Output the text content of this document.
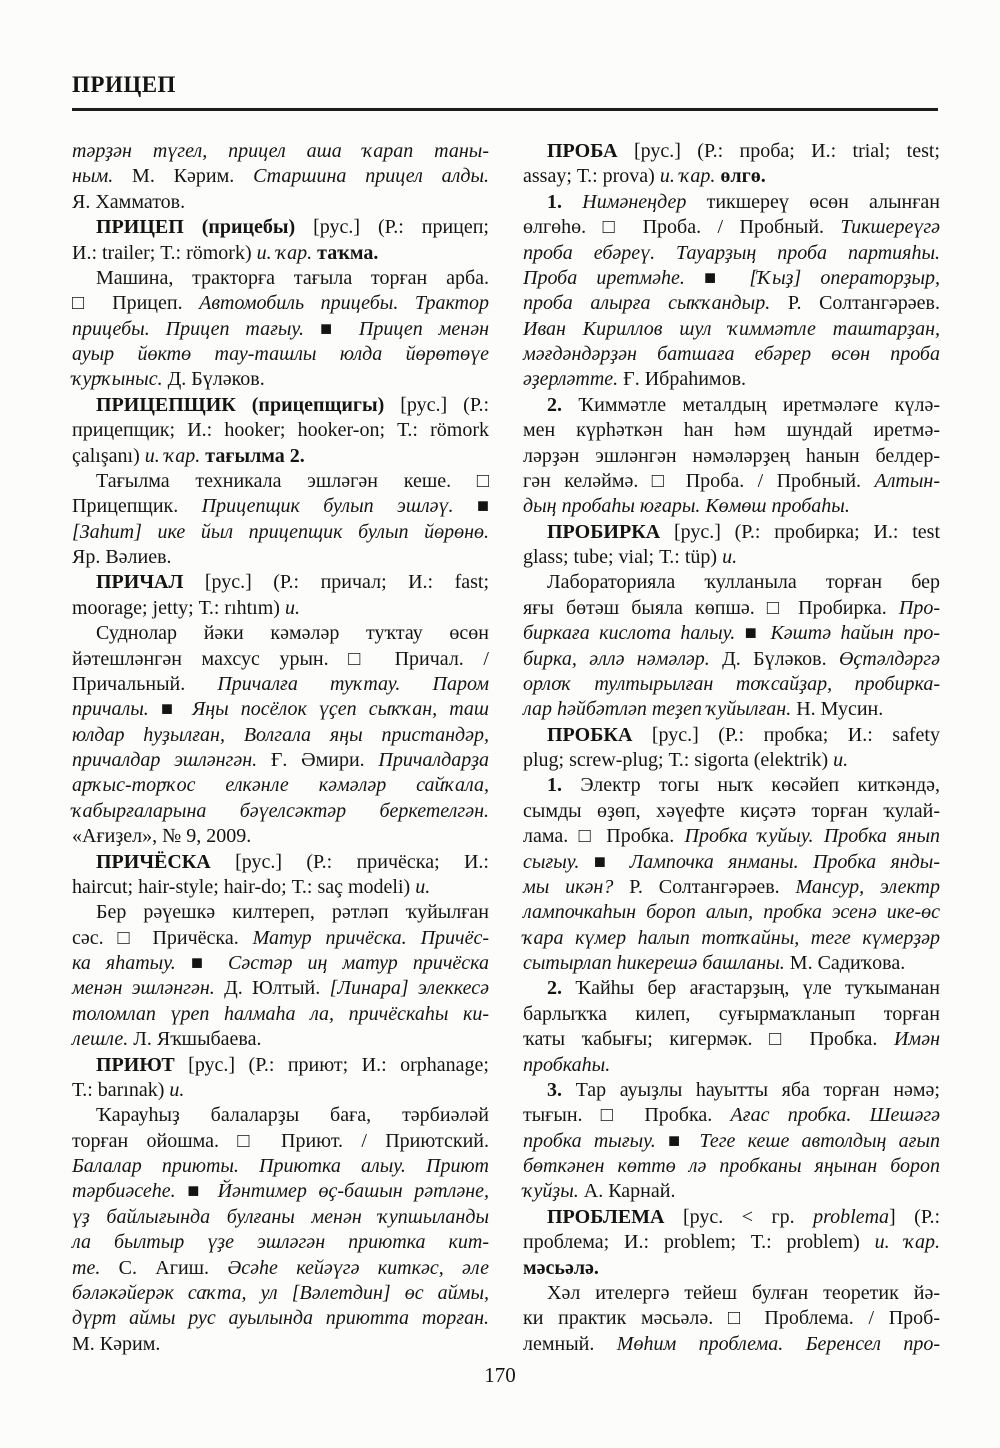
ПРИЦЕП
тәрҙән түгел, прицел аша ҡарап таны-
ным. М. Кәрим. Старшина прицел алды.
Я. Хамматов.
ПРИЦЕП (прицебы) [рус.] (Р.: прицеп;
И.: trailer; Т.: römork) и. ҡар. таҡма.
Машина, тракторға тағыла торған арба.
□ Прицеп. Автомобиль прицебы. Трактор
прицебы. Прицеп тағыу. ■ Прицеп менән
ауыр йөктө тау-ташлы юлда йөрөтөүе
ҡурҡыныс. Д. Бүләков.
ПРИЦЕПЩИК (прицепщигы) [рус.] (Р.:
прицепщик; И.: hooker; hooker-on; Т.: römork
çalışanı) и. ҡар. тағылма 2.
Тағылма техникала эшләгән кеше. □
Прицепщик. Прицепщик булып эшләү. ■
[Заһит] ике йыл прицепщик булып йөрөнө.
Яр. Вәлиев.
ПРИЧАЛ [рус.] (Р.: причал; И.: fast;
moorage; jetty; Т.: rıhtım) и.
Суднолар йәки кәмәләр туҡтау өсөн
йәтешләнгән махсус урын. □ Причал. /
Причальный. Причалға туҡтау. Паром
причалы. ■ Яңы посёлок үҫеп сыҡҡан, таш
юлдар һуҙылған, Волгала яңы пристандәр,
причалдар эшләнгән. Ғ. Әмири. Причалдарҙа
арҡыс-торҡос елкәнле кәмәләр сайҡала,
ҡабырғаларына бәүелсәктәр беркетелгән.
«Ағиҙел», № 9, 2009.
ПРИЧЁСКА [рус.] (Р.: причёска; И.:
haircut; hair-style; hair-do; Т.: saç modeli) и.
Бер рәүешкә килтереп, рәтләп ҡуйылған
сәс. □ Причёска. Матур причёска. Причёс-
ка яһатыу. ■ Сәстәр иң матур причёска
менән эшләнгән. Д. Юлтый. [Линара] элеккесә
толомлап үреп һалмаһа ла, причёскаһы ки-
лешле. Л. Яҡшыбаева.
ПРИЮТ [рус.] (Р.: приют; И.: orphanage;
Т.: barınak) и.
Ҡарауһыҙ балаларҙы баға, тәрбиәләй
торған ойошма. □ Приют. / Приютский.
Балалар приюты. Приютка алыу. Приют
тәрбиәсеһе. ■ Йәнтимер өҫ-башын рәтләне,
үҙ байлығында булғаны менән ҡупшыланды
ла былтыр үҙе эшләгән приютка кит-
те. С. Агиш. Әсәһе кейәүгә киткәс, әле
бәләкәйерәк саҡта, ул [Вәлетдин] өс аймы,
дүрт аймы рус ауылында приютта торған.
М. Кәрим.
ПРОБА [рус.] (Р.: проба; И.: trial; test;
assay; Т.: prova) и. ҡар. өлгө.
1. Нимәнеңдер тикшереү өсөн алынған
өлгөһө. □ Проба. / Пробный. Тикшереүгә
проба ебәреү. Тауарҙың проба партияһы.
Проба иретмәһе. ■ [Ҡыҙ] операторҙыр,
проба алырға сыҡҡандыр. Р. Солтангәрәев.
Иван Кириллов шул ҡиммәтле таштарҙан,
мәғдәндәрҙән батшаға ебәрер өсөн проба
әҙерләтте. Ғ. Ибраһимов.
2. Ҡиммәтле металдың иретмәләге күлә-
мен күрһәткән һан һәм шундай иретмә-
ләрҙән эшләнгән нәмәләрҙең һанын белдер-
гән келәймә. □ Проба. / Пробный. Алтын-
дың пробаһы юғары. Көмөш пробаһы.
ПРОБИРКА [рус.] (Р.: пробирка; И.: test
glass; tube; vial; Т.: tüp) и.
Лабораторияла ҡулланыла торған бер
яғы бөтәш быяла көпшә. □ Пробирка. Про-
биркаға кислота һалыу. ■ Кәштә һайын про-
бирка, әллә нәмәләр. Д. Бүләков. Өҫтәлдәргә
орлоҡ тултырылған тоҡсайҙар, пробирка-
лар һәйбәтләп теҙеп ҡуйылған. Н. Мусин.
ПРОБКА [рус.] (Р.: пробка; И.: safety
plug; screw-plug; Т.: sigorta (elektrik) и.
1. Электр тогы ныҡ көсәйеп киткәндә,
сымды өҙөп, хәүефте киҫәтә торған ҡулай-
лама. □ Пробка. Пробка ҡуйыу. Пробка янып
сығыу. ■ Лампочка янманы. Пробка янды-
мы икән? Р. Солтангәрәев. Мансур, электр
лампочкаһын бороп алып, пробка эсенә ике-өс
ҡара күмер һалып тотҡайны, теге күмерҙәр
сытырлап һикерешә башланы. М. Садиҡова.
2. Ҡайһы бер ағастарҙың, үле туҡыманан
барлыҡҡа килеп, суғырмаҡланып торған
ҡаты ҡабығы; кигермәк. □ Пробка. Имән
пробкаһы.
3. Тар ауыҙлы һауытты яба торған нәмә;
тығын. □ Пробка. Ағас пробка. Шешәгә
пробка тығыу. ■ Теге кеше автолдың ағып
бөткәнен көттө лә пробканы яңынан бороп
ҡуйҙы. А. Карнай.
ПРОБЛЕМА [рус. < гр. problema] (Р.:
проблема; И.: problem; Т.: problem) и. ҡар.
мәсьәлә.
Хәл ителергә тейеш булған теоретик йә-
ки практик мәсьәлә. □ Проблема. / Проб-
лемный. Мөһим проблема. Беренсел про-
170
